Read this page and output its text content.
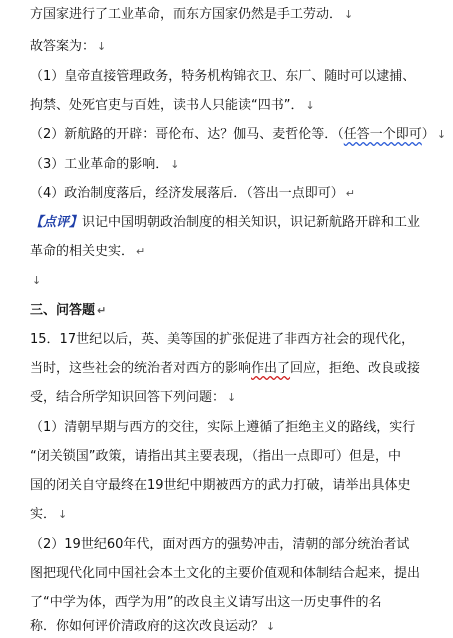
方国家进行了工业革命，而东方国家仍然是手工劳动． ↓
故答案为： ↓
（1）皇帝直接管理政务，特务机构锦衣卫、东厂、随时可以逮捕、
拘禁、处死官吏与百姓，读书人只能读“四书”． ↓
（2）新航路的开辟：哥伦布、达？伽马、麦哲伦等．（任答一个即可） ↓
（3）工业革命的影响． ↓
（4）政治制度落后，经济发展落后．（答出一点即可） ↵
【点评】识记中国明朝政治制度的相关知识，识记新航路开辟和工业
革命的相关史实． ↵
↓
三、问答题 ↵
15．17世纪以后，英、美等国的扩张促进了非西方社会的现代化，
当时，这些社会的统治者对西方的影响作出了回应，拒绝、改良或接
受，结合所学知识回答下列问题： ↓
（1）清朝早期与西方的交往，实际上遵循了拒绝主义的路线，实行
“闭关锁国”政策，请指出其主要表现，（指出一点即可）但是，中
国的闭关自守最终在19世纪中期被西方的武力打破，请举出具体史
实． ↓
（2）19世纪60年代，面对西方的强势冲击，清朝的部分统治者试
图把现代化同中国社会本土文化的主要价值观和体制结合起来，提出
了“中学为体，西学为用”的改良主义请写出这一历史事件的名
称．你如何评价清政府的这次改良运动？ ↓
